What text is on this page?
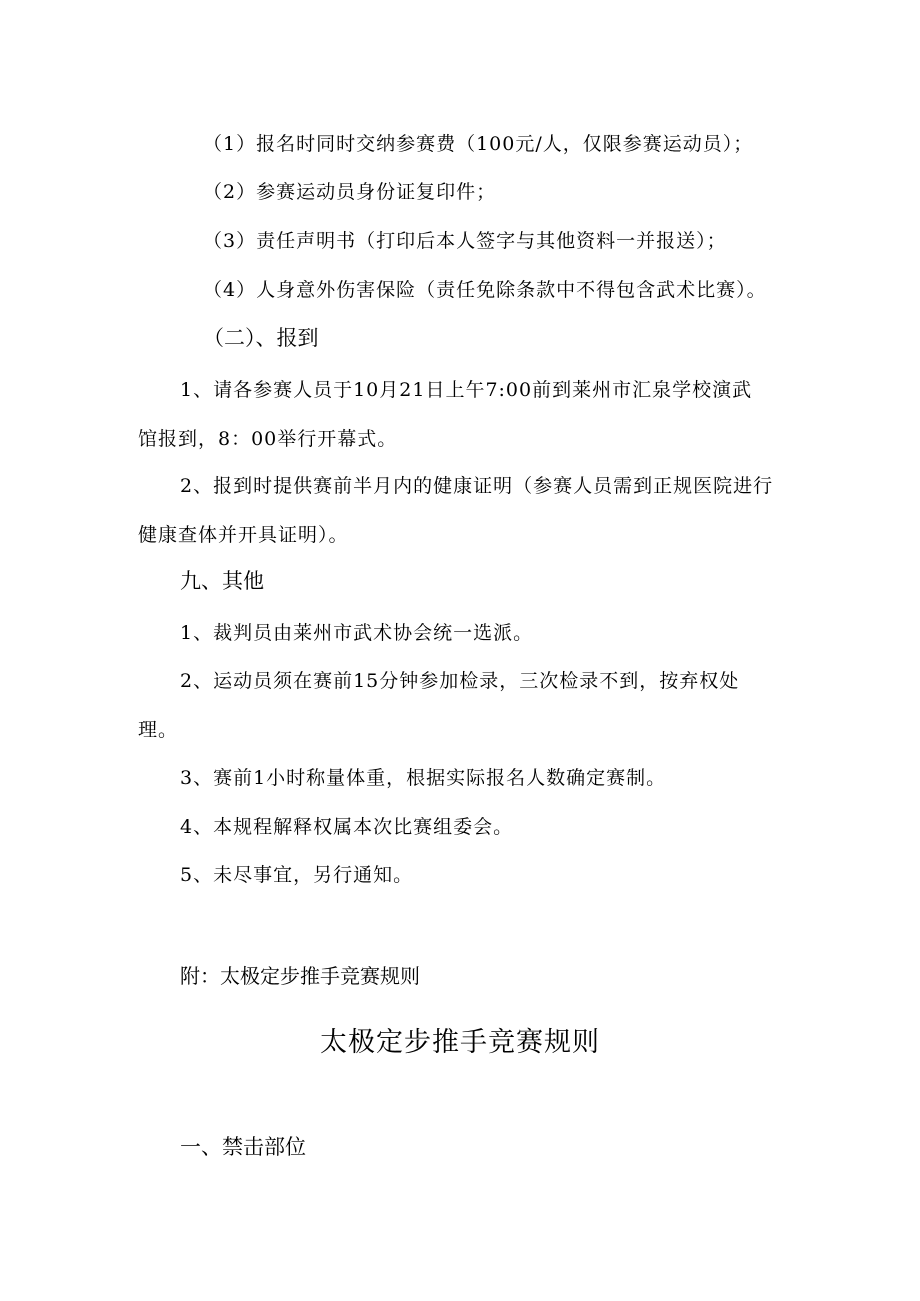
（1）报名时同时交纳参赛费（100元/人，仅限参赛运动员）；
（2）参赛运动员身份证复印件；
（3）责任声明书（打印后本人签字与其他资料一并报送）；
（4）人身意外伤害保险（责任免除条款中不得包含武术比赛）。
（二）、报到
1、请各参赛人员于10月21日上午7:00前到莱州市汇泉学校演武
馆报到，8：00举行开幕式。
2、报到时提供赛前半月内的健康证明（参赛人员需到正规医院进行
健康查体并开具证明）。
九、其他
1、裁判员由莱州市武术协会统一选派。
2、运动员须在赛前15分钟参加检录，三次检录不到，按弃权处
理。
3、赛前1小时称量体重，根据实际报名人数确定赛制。
4、本规程解释权属本次比赛组委会。
5、未尽事宜，另行通知。
附：太极定步推手竞赛规则
太极定步推手竞赛规则
一、禁击部位
